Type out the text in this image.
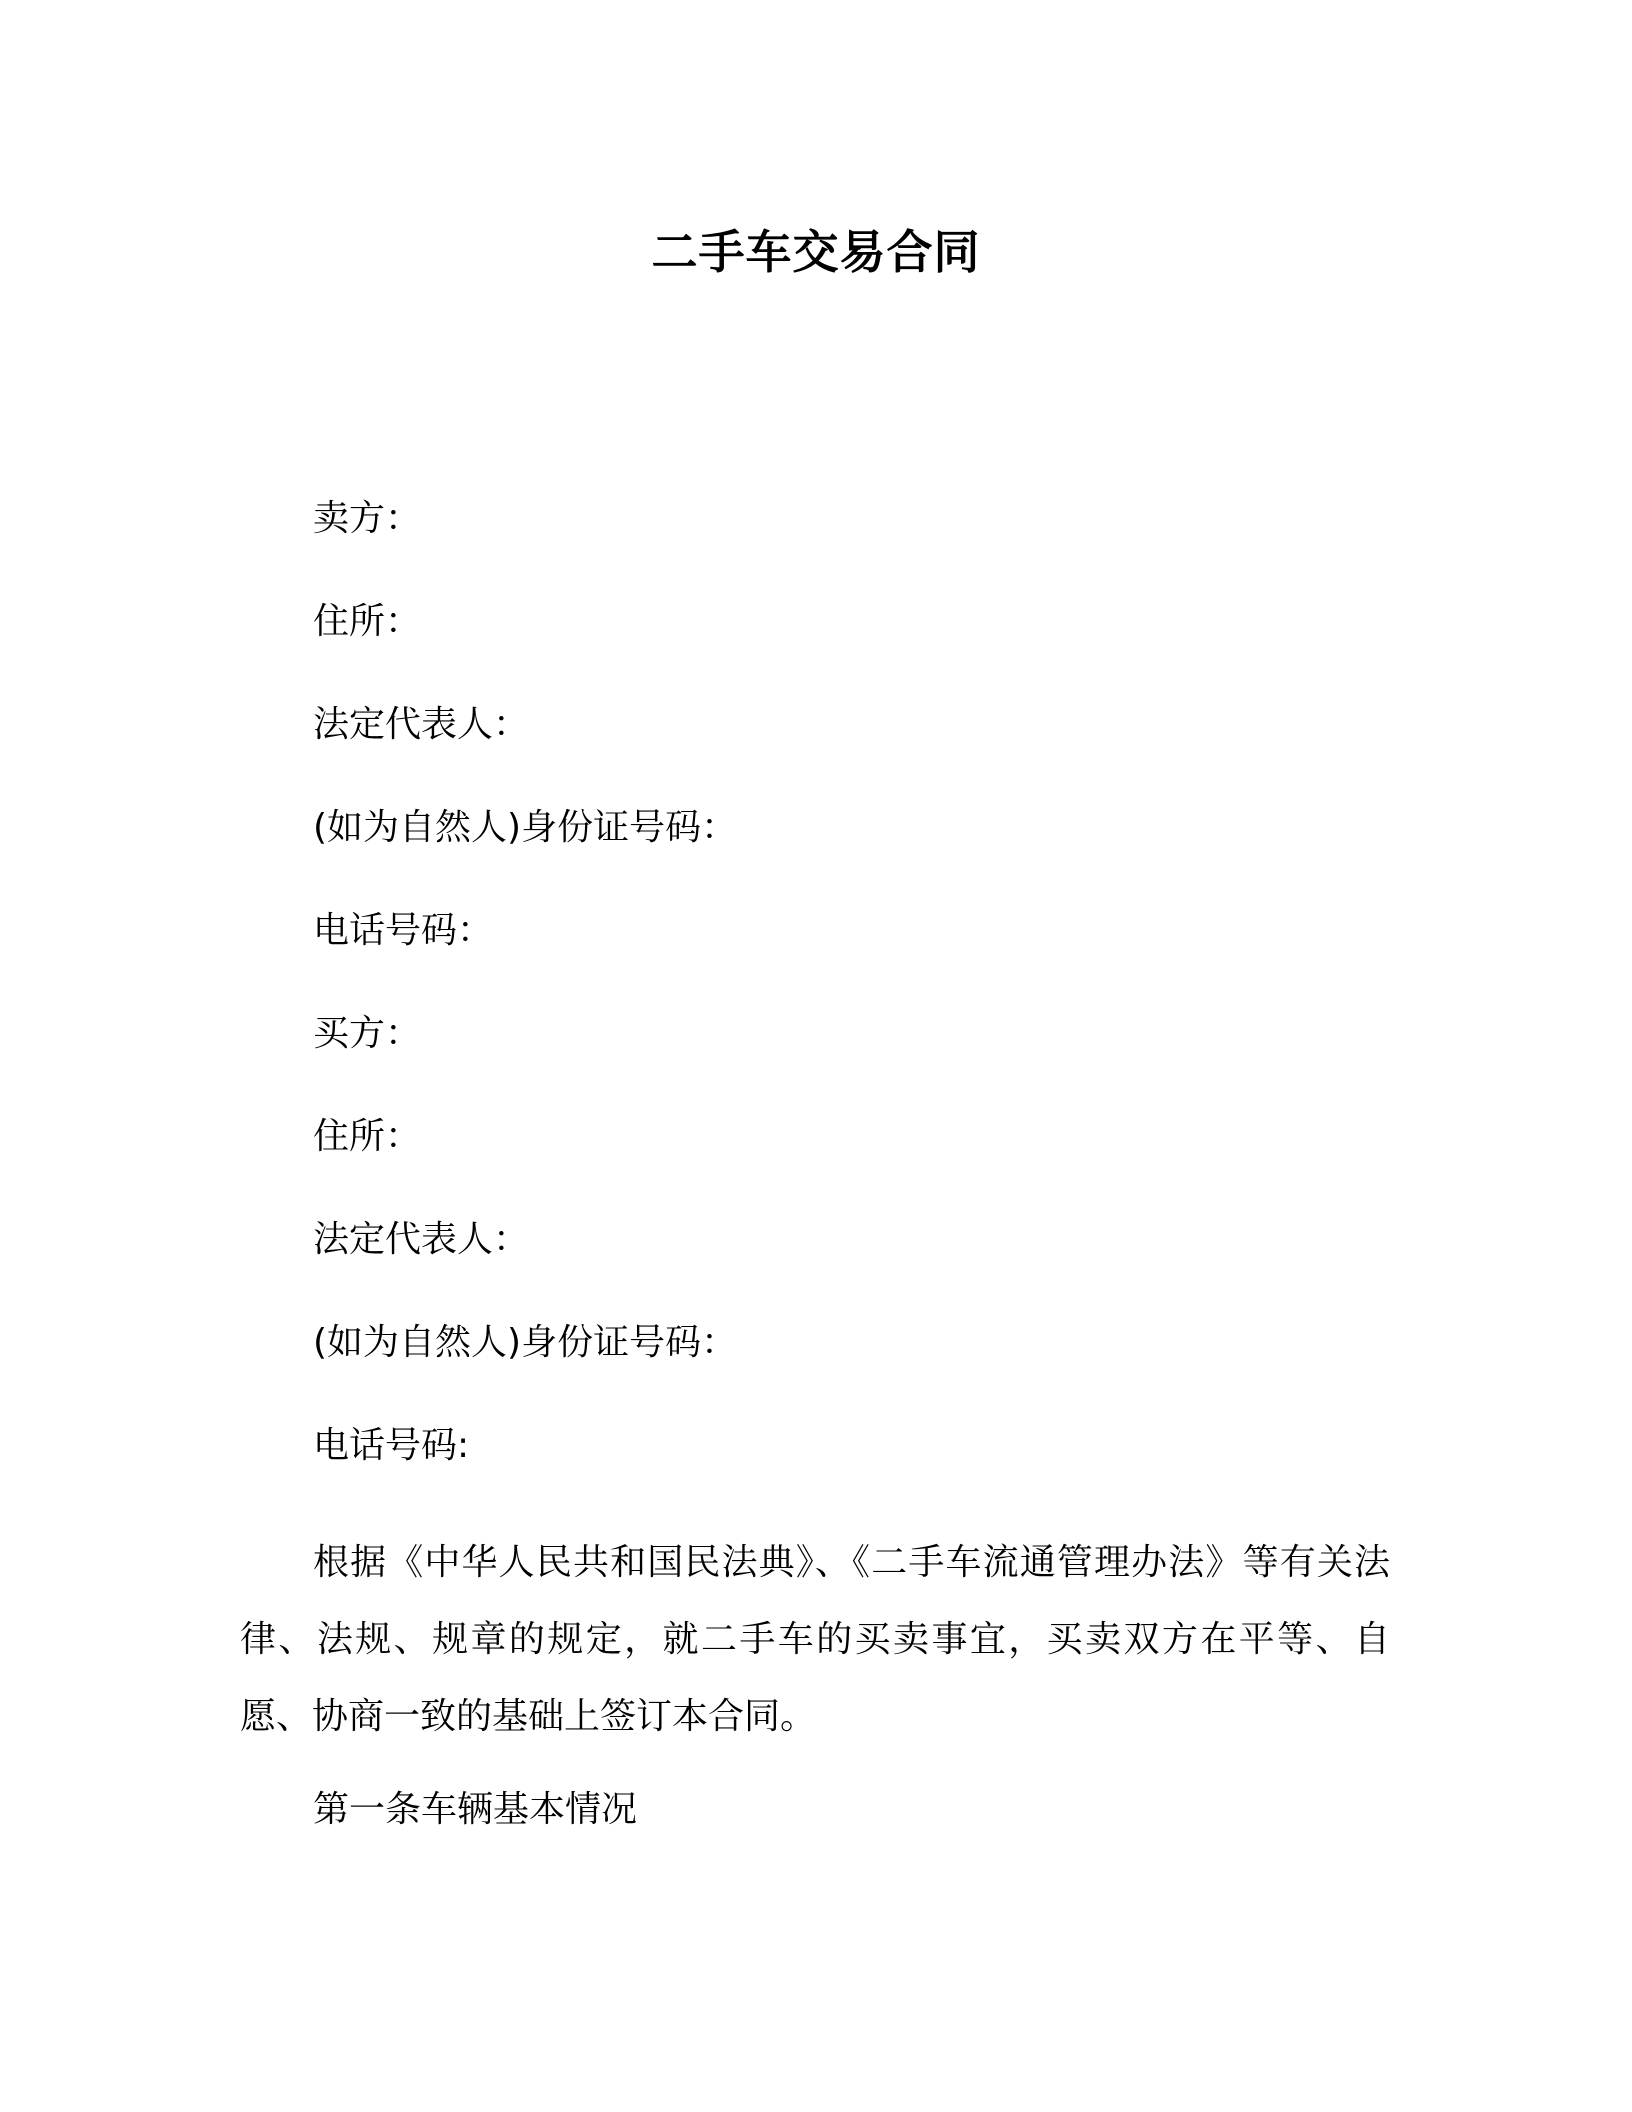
二手车交易合同
卖方：
住所：
法定代表人：
(如为自然人)身份证号码：
电话号码：
买方：
住所：
法定代表人：
(如为自然人)身份证号码：
电话号码:
根据《中华人民共和国民法典》、《二手车流通管理办法》等有关法律、法规、规章的规定，就二手车的买卖事宜，买卖双方在平等、自愿、协商一致的基础上签订本合同。
第一条车辆基本情况
